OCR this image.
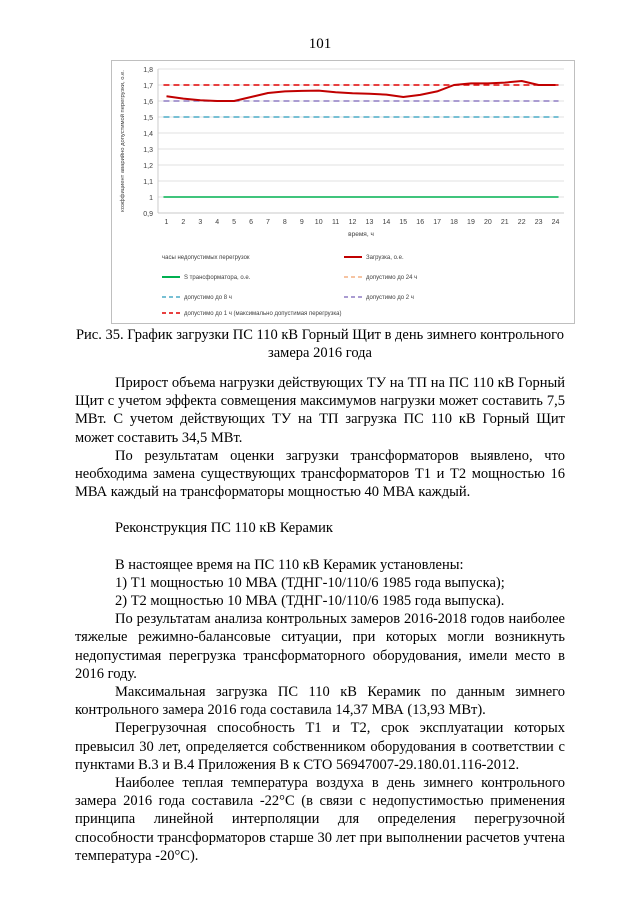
101
0,9
1
1,1
1,2
1,3
1,4
1,5
1,6
1,7
1,8
1 2 3 4 5 6 7 8 9 10 11 12 13 14 15 16 17 18 19 20 21 22 23 24
время, ч
коэффициент аварийно допустимой перегрузки, о.е.
часы недопустимых перегрузок	Загрузка, о.е.
S трансформатора, о.е.	допустимо до 24 ч
допустимо до 8 ч	допустимо до 2 ч
допустимо до 1 ч (максимально допустимая перегрузка)
Рис. 35. График загрузки ПС 110 кВ Горный Щит в день зимнего контрольного замера 2016 года

Прирост объема нагрузки действующих ТУ на ТП на ПС 110 кВ Горный Щит с учетом эффекта совмещения максимумов нагрузки может составить 7,5 МВт. С учетом действующих ТУ на ТП загрузка ПС 110 кВ Горный Щит может составить 34,5 МВт.

По результатам оценки загрузки трансформаторов выявлено, что необходима замена существующих трансформаторов Т1 и Т2 мощностью 16 МВА каждый на трансформаторы мощностью 40 МВА каждый.

Реконструкция ПС 110 кВ Керамик

В настоящее время на ПС 110 кВ Керамик установлены:

1) Т1 мощностью 10 МВА (ТДНГ-10/110/6 1985 года выпуска);

2) Т2 мощностью 10 МВА (ТДНГ-10/110/6 1985 года выпуска).

По результатам анализа контрольных замеров 2016-2018 годов наиболее тяжелые режимно-балансовые ситуации, при которых могли возникнуть недопустимая перегрузка трансформаторного оборудования, имели место в 2016 году.

Максимальная загрузка ПС 110 кВ Керамик по данным зимнего контрольного замера 2016 года составила 14,37 МВА (13,93 МВт).

Перегрузочная способность Т1 и Т2, срок эксплуатации которых превысил 30 лет, определяется собственником оборудования в соответствии с пунктами В.3 и В.4 Приложения В к СТО 56947007-29.180.01.116-2012.

Наиболее теплая температура воздуха в день зимнего контрольного замера 2016 года составила -22°С (в связи с недопустимостью применения принципа линейной интерполяции для определения перегрузочной способности трансформаторов старше 30 лет при выполнении расчетов учтена температура -20°С).
